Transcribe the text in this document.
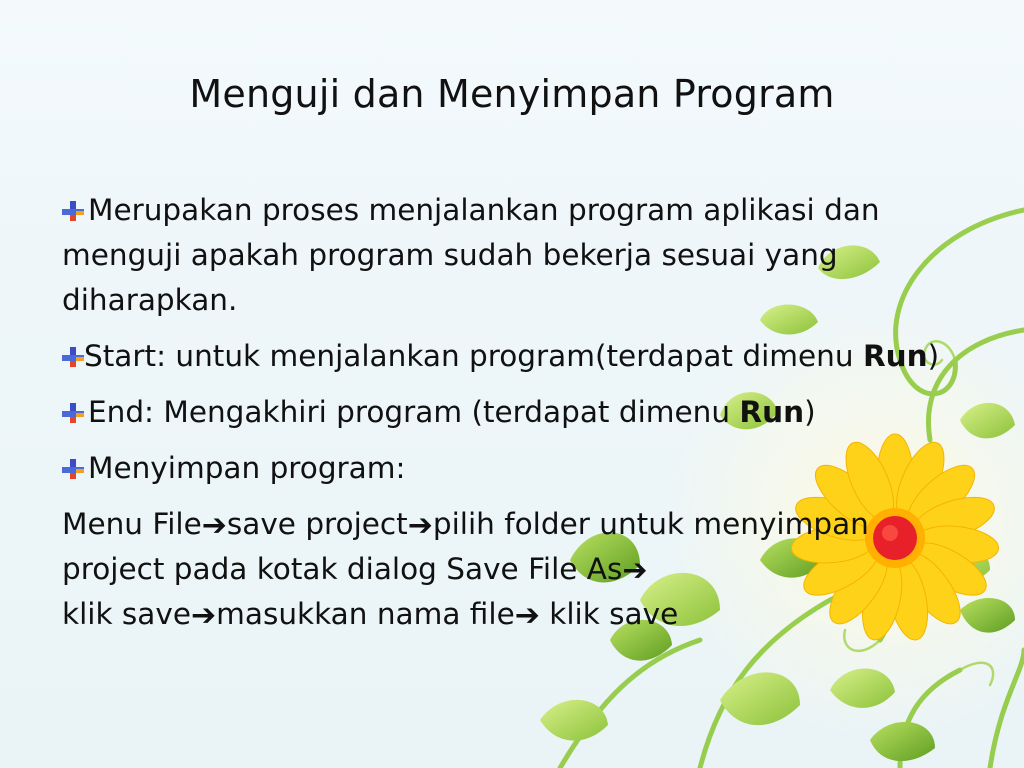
Menguji dan Menyimpan Program

Merupakan proses menjalankan program aplikasi dan menguji apakah program sudah bekerja sesuai yang diharapkan.

Start: untuk menjalankan program(terdapat dimenu Run)

End: Mengakhiri program (terdapat dimenu Run)

Menyimpan program:

Menu File➔save project➔pilih folder untuk menyimpan project pada kotak dialog Save File As➔
klik save➔masukkan nama file➔ klik save
